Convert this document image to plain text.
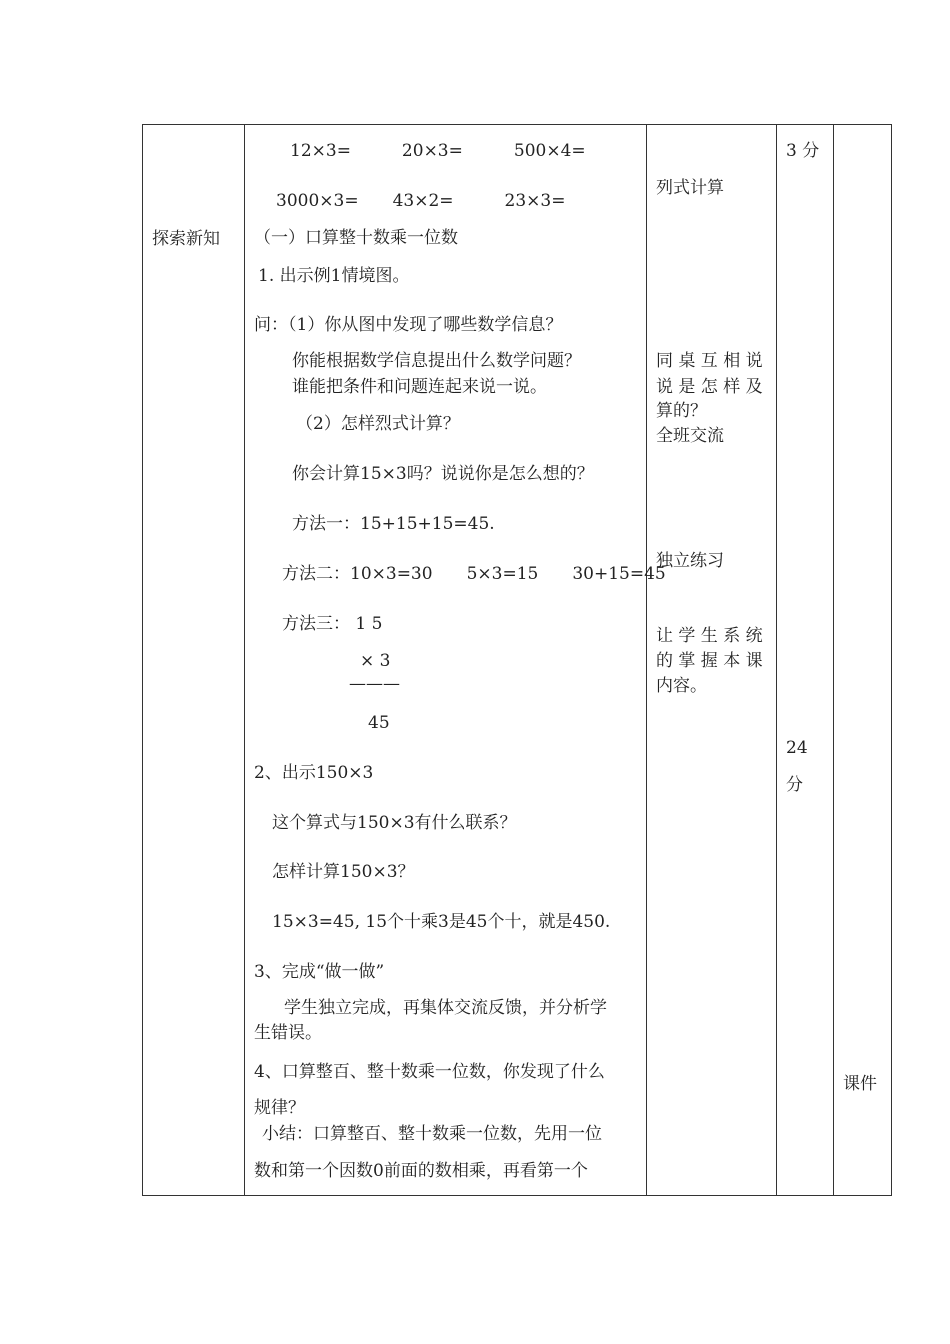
探索新知
12×3=　　　20×3=　　　500×4=
3000×3=　　43×2=　　　23×3=
（一）口算整十数乘一位数
1. 出示例1情境图。
问：（1）你从图中发现了哪些数学信息？
你能根据数学信息提出什么数学问题？
谁能把条件和问题连起来说一说。
（2）怎样烈式计算？
你会计算15×3吗？说说你是怎么想的？
方法一：15+15+15=45.
方法二：10×3=30　　5×3=15　　30+15=45
方法三： 1 5
× 3
———
45
2、出示150×3
这个算式与150×3有什么联系？
怎样计算150×3？
15×3=45, 15个十乘3是45个十，就是450.
3、完成“做一做”
学生独立完成，再集体交流反馈，并分析学
生错误。
4、口算整百、整十数乘一位数，你发现了什么
规律？
小结：口算整百、整十数乘一位数，先用一位
数和第一个因数0前面的数相乘，再看第一个
列式计算
同 桌 互 相 说
说 是 怎 样 及
算的？
全班交流
独立练习
让 学 生 系 统
的 掌 握 本 课
内容。
3 分
24
分
课件
